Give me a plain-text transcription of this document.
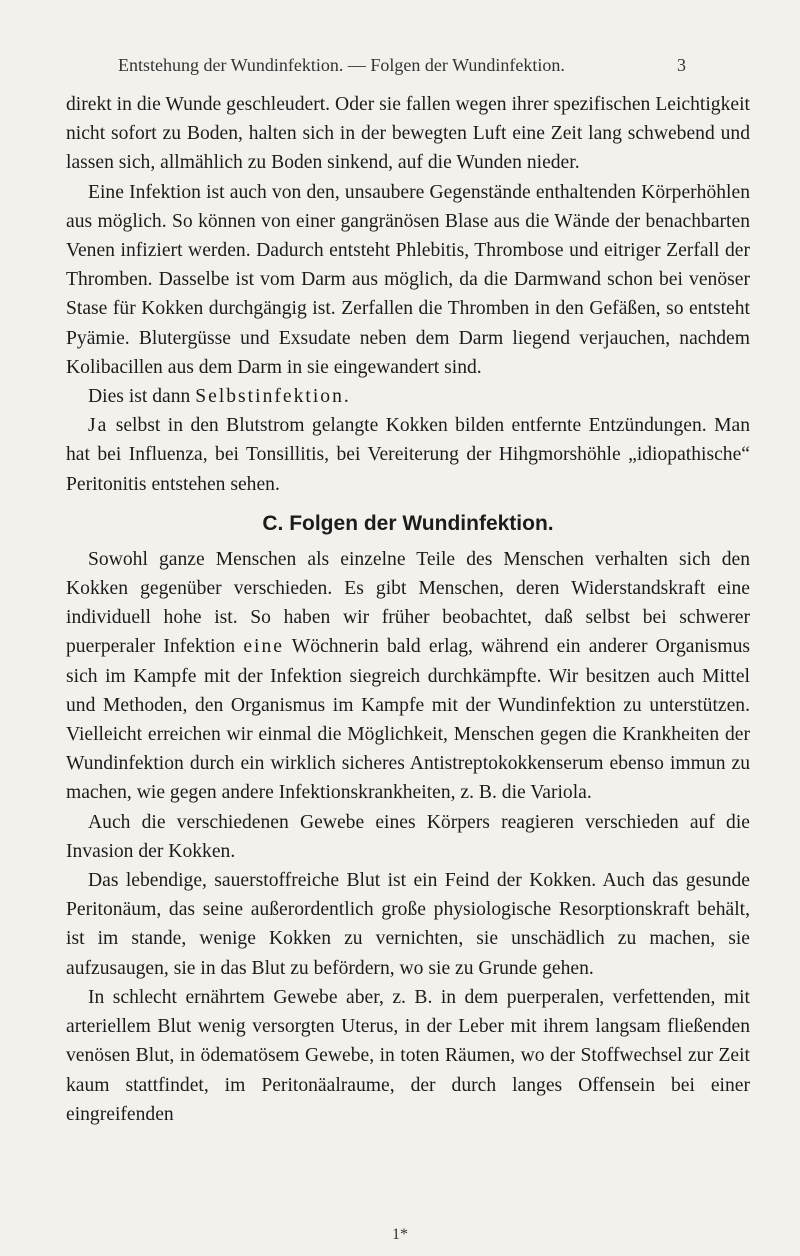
Entstehung der Wundinfektion. — Folgen der Wundinfektion.	3

direkt in die Wunde geschleudert. Oder sie fallen wegen ihrer spezifischen Leichtigkeit nicht sofort zu Boden, halten sich in der bewegten Luft eine Zeit lang schwebend und lassen sich, allmählich zu Boden sinkend, auf die Wunden nieder.

Eine Infektion ist auch von den, unsaubere Gegenstände enthaltenden Körperhöhlen aus möglich. So können von einer gangränösen Blase aus die Wände der benachbarten Venen infiziert werden. Dadurch entsteht Phlebitis, Thrombose und eitriger Zerfall der Thromben. Dasselbe ist vom Darm aus möglich, da die Darmwand schon bei venöser Stase für Kokken durchgängig ist. Zerfallen die Thromben in den Gefäßen, so entsteht Pyämie. Blutergüsse und Exsudate neben dem Darm liegend verjauchen, nachdem Kolibacillen aus dem Darm in sie eingewandert sind.

Dies ist dann Selbstinfektion.

Ja selbst in den Blutstrom gelangte Kokken bilden entfernte Entzündungen. Man hat bei Influenza, bei Tonsillitis, bei Vereiterung der Hihgmorshöhle „idiopathische“ Peritonitis entstehen sehen.

C. Folgen der Wundinfektion.

Sowohl ganze Menschen als einzelne Teile des Menschen verhalten sich den Kokken gegenüber verschieden. Es gibt Menschen, deren Widerstandskraft eine individuell hohe ist. So haben wir früher beobachtet, daß selbst bei schwerer puerperaler Infektion eine Wöchnerin bald erlag, während ein anderer Organismus sich im Kampfe mit der Infektion siegreich durchkämpfte. Wir besitzen auch Mittel und Methoden, den Organismus im Kampfe mit der Wundinfektion zu unterstützen. Vielleicht erreichen wir einmal die Möglichkeit, Menschen gegen die Krankheiten der Wundinfektion durch ein wirklich sicheres Antistreptokokkenserum ebenso immun zu machen, wie gegen andere Infektionskrankheiten, z. B. die Variola.

Auch die verschiedenen Gewebe eines Körpers reagieren verschieden auf die Invasion der Kokken.

Das lebendige, sauerstoffreiche Blut ist ein Feind der Kokken. Auch das gesunde Peritonäum, das seine außerordentlich große physiologische Resorptionskraft behält, ist im stande, wenige Kokken zu vernichten, sie unschädlich zu machen, sie aufzusaugen, sie in das Blut zu befördern, wo sie zu Grunde gehen.

In schlecht ernährtem Gewebe aber, z. B. in dem puerperalen, verfettenden, mit arteriellem Blut wenig versorgten Uterus, in der Leber mit ihrem langsam fließenden venösen Blut, in ödematösem Gewebe, in toten Räumen, wo der Stoffwechsel zur Zeit kaum stattfindet, im Peritonäalraume, der durch langes Offensein bei einer eingreifenden

1*
